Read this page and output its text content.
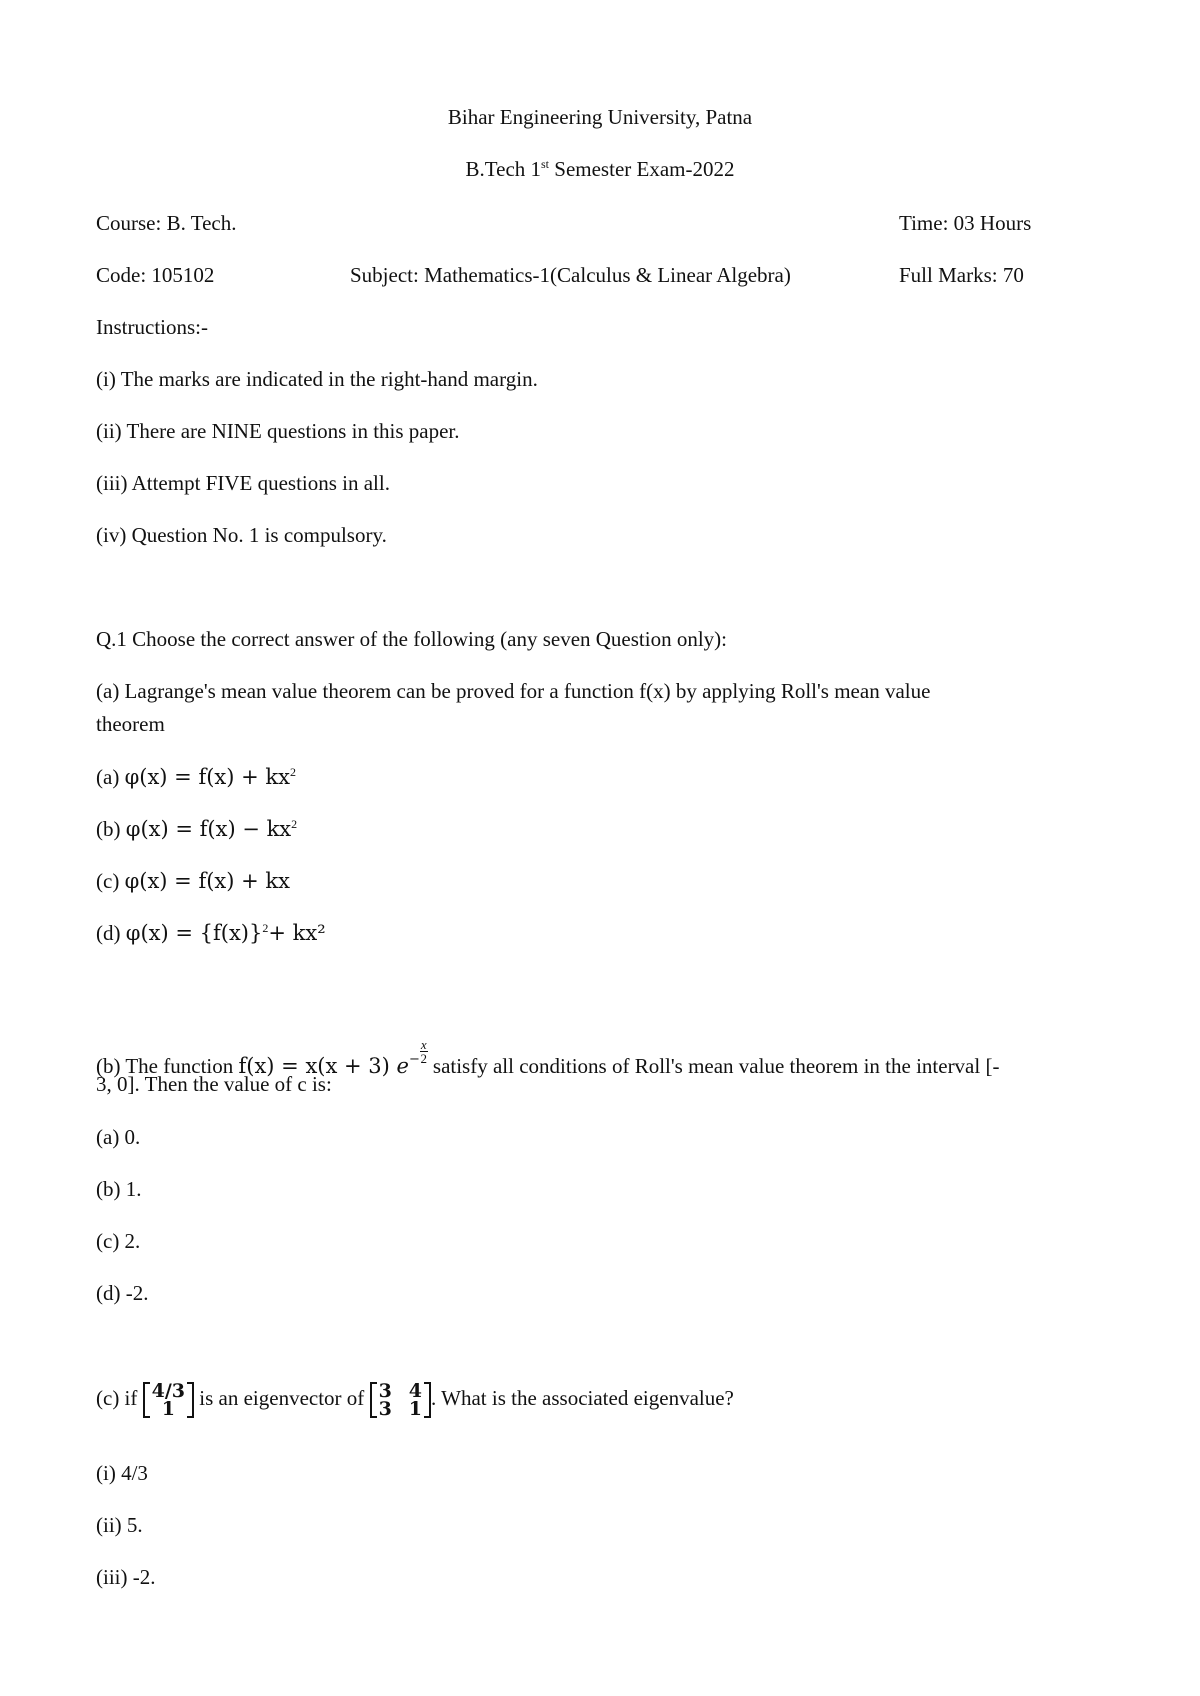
Bihar Engineering University, Patna
B.Tech 1st Semester Exam-2022
Course: B. Tech.	Time: 03 Hours
Code: 105102	Subject: Mathematics-1(Calculus & Linear Algebra)	Full Marks: 70
Instructions:-
(i) The marks are indicated in the right-hand margin.
(ii) There are NINE questions in this paper.
(iii) Attempt FIVE questions in all.
(iv) Question No. 1 is compulsory.
Q.1 Choose the correct answer of the following (any seven Question only):
(a) Lagrange's mean value theorem can be proved for a function f(x) by applying Roll's mean value
theorem
(a) $\varphi(x) = f(x) + kx^2$
(b) $\varphi(x) = f(x) - kx^2$
(c) φ(x) = f(x) + kx
(d) $\varphi(x) = \{f(x)\}^2+ kx^2$
(b) The function f(x) = x(x + 3) $e^- \frac{x}{2}$
satisfy all conditions of Roll's mean value theorem in the interval [-
3, 0]. Then the value of c is:
(a) 0.
(b) 1.
(c) 2.
(d) -2.
(c) if 4/3
1 is an eigenvector of 3	4
3	1 . What is the associated eigenvalue?
(i) 4/3
(ii) 5.
(iii) -2.
